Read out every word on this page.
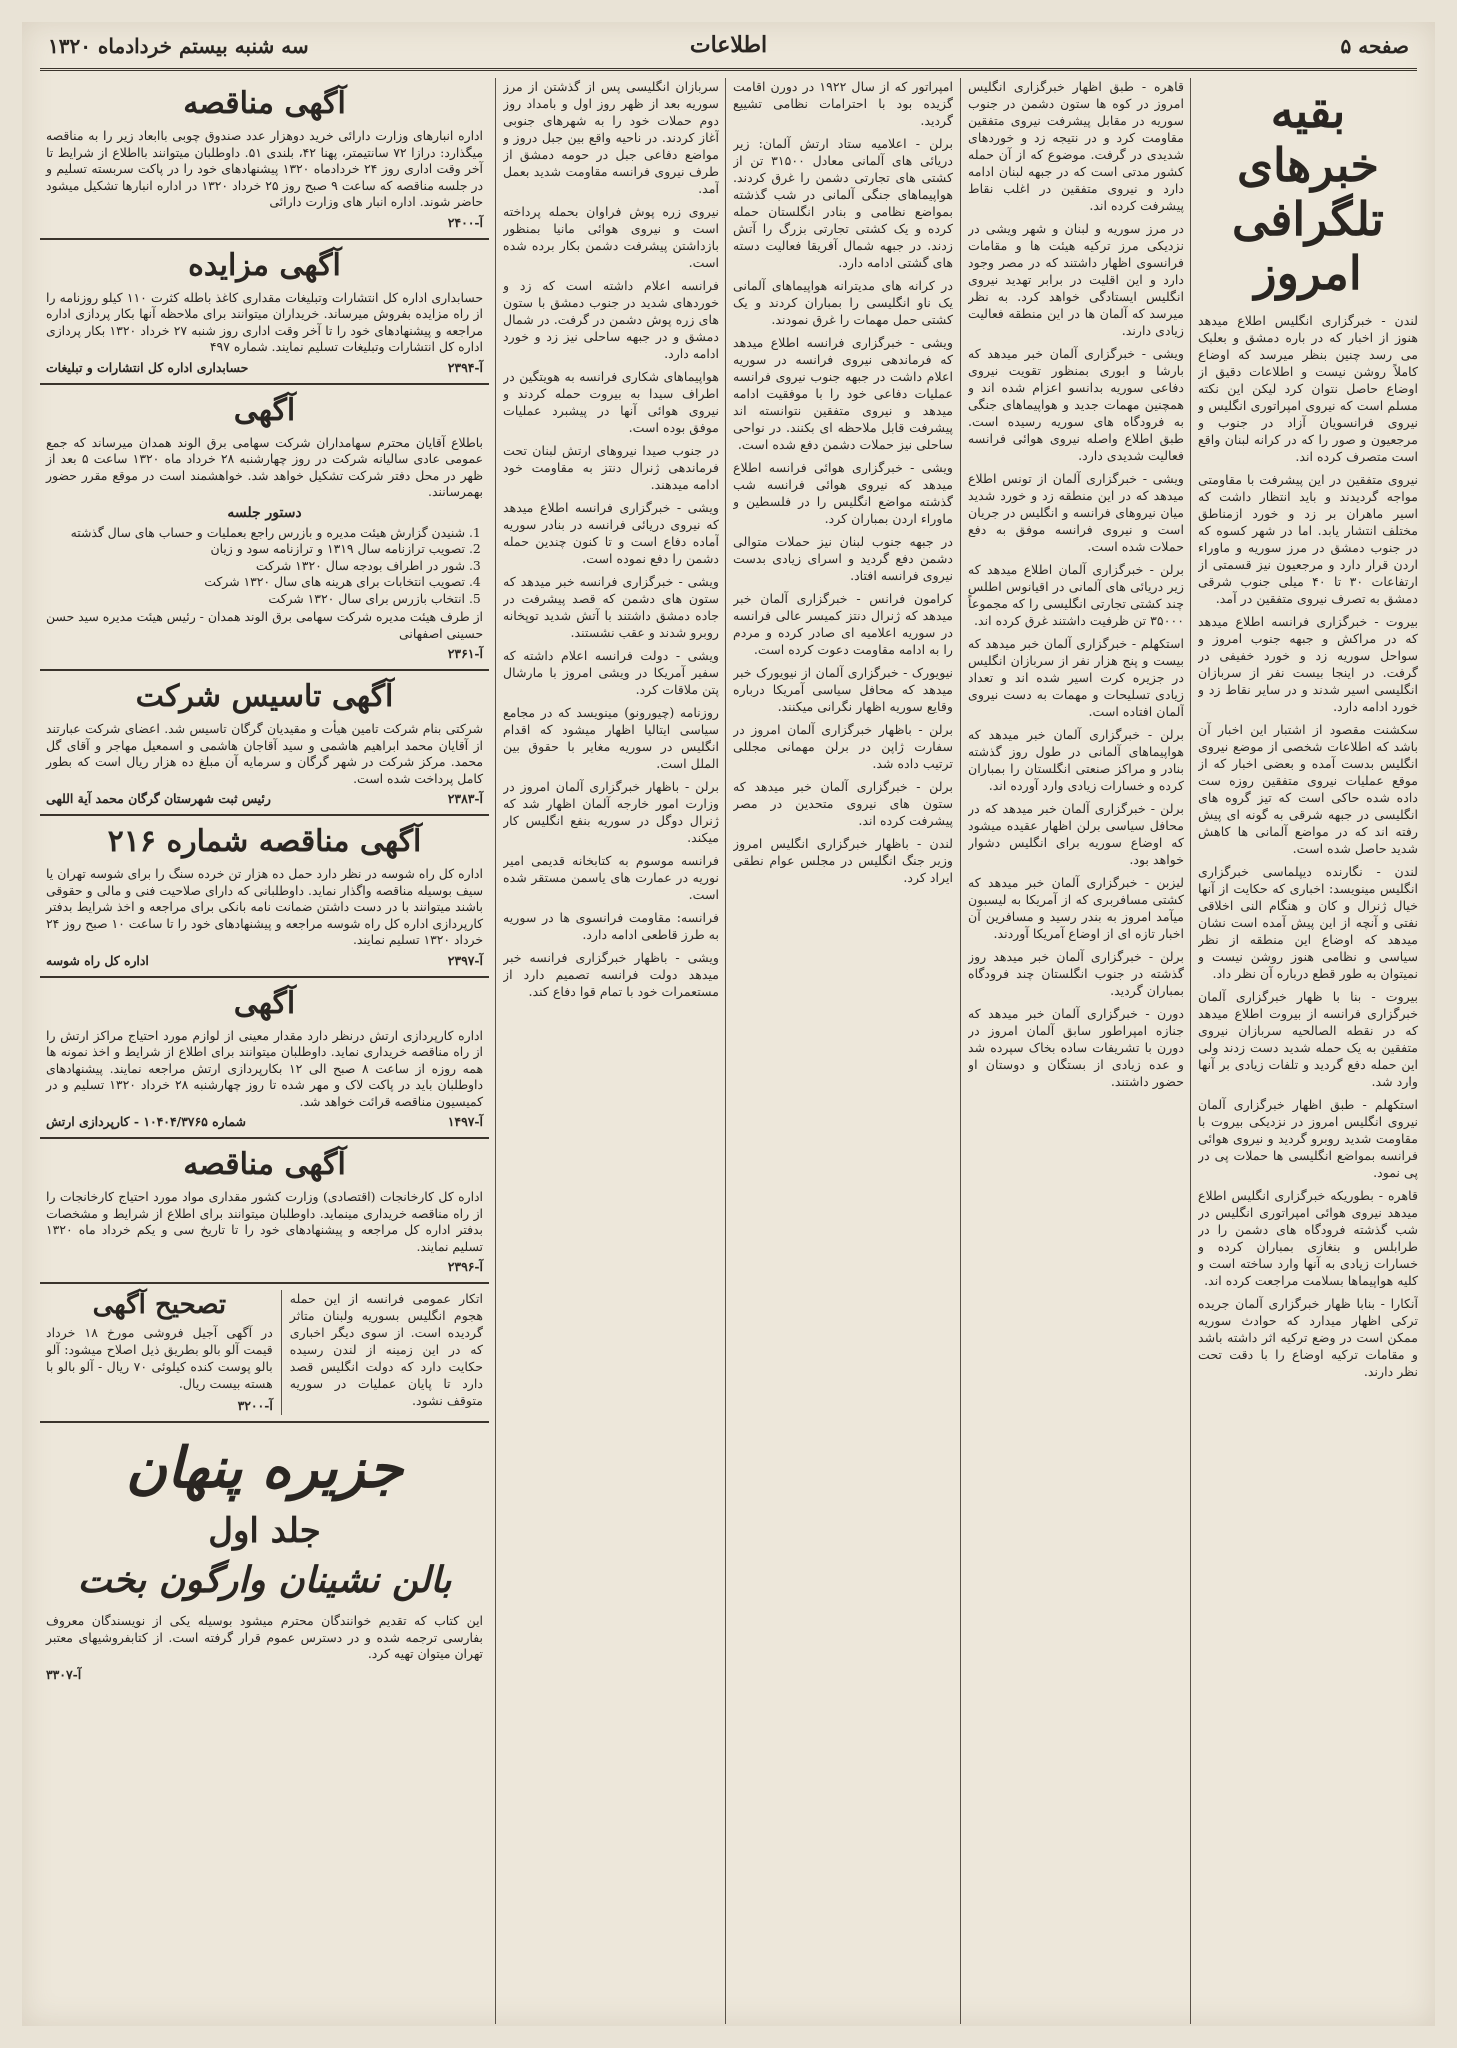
صفحه ۵
اطلاعات
سه شنبه بیستم خردادماه ۱۳۲۰
بقیه خبرهای تلگرافی امروز

لندن - خبرگزاری انگلیس اطلاع میدهد هنوز از اخبار که در باره دمشق و بعلبک می رسد چنین بنظر میرسد که اوضاع کاملاً روشن نیست و اطلاعات دقیق از اوضاع حاصل نتوان کرد لیکن این نکته مسلم است که نیروی امپراتوری انگلیس و نیروی فرانسویان آزاد در جنوب و مرجعیون و صور را که در کرانه لبنان واقع است متصرف کرده اند.

نیروی متفقین در این پیشرفت با مقاومتی مواجه گردیدند و باید انتظار داشت که اسیر ماهران بر زد و خورد ازمناطق مختلف انتشار یابد. اما در شهر کسوه که در جنوب دمشق در مرز سوریه و ماوراء اردن قرار دارد و مرجعیون نیز قسمتی از ارتفاعات ۳۰ تا ۴۰ میلی جنوب شرقی دمشق به تصرف نیروی متفقین در آمد.

بیروت - خبرگزاری فرانسه اطلاع میدهد که در مراکش و جبهه جنوب امروز و سواحل سوریه زد و خورد خفیفی در گرفت. در اینجا بیست نفر از سربازان انگلیسی اسیر شدند و در سایر نقاط زد و خورد ادامه دارد.

سکشنت مقصود از اشتبار این اخبار آن باشد که اطلاعات شخصی از موضع نیروی انگلیس بدست آمده و بعضی اخبار که از موقع عملیات نیروی متفقین روزه ست داده شده حاکی است که تیز گروه های انگلیسی در جبهه شرقی به گونه ای پیش رفته اند که در مواضع آلمانی ها کاهش شدید حاصل شده است.

لندن - نگارنده دیپلماسی خبرگزاری انگلیس مینویسد: اخباری که حکایت از آنها خیال ژنرال و کان و هنگام النی اخلاقی نفتی و آنچه از این پیش آمده است نشان میدهد که اوضاع این منطقه از نظر سیاسی و نظامی هنوز روشن نیست و نمیتوان به طور قطع درباره آن نظر داد.

بیروت - بنا با ظهار خبرگزاری آلمان خبرگزاری فرانسه از بیروت اطلاع میدهد که در نقطه الصالحیه سربازان نیروی متفقین به یک حمله شدید دست زدند ولی این حمله دفع گردید و تلفات زیادی بر آنها وارد شد.

استکهلم - طبق اظهار خبرگزاری آلمان نیروی انگلیس امروز در نزدیکی بیروت با مقاومت شدید روبرو گردید و نیروی هوائی فرانسه بمواضع انگلیسی ها حملات پی در پی نمود.

قاهره - بطوریکه خبرگزاری انگلیس اطلاع میدهد نیروی هوائی امپراتوری انگلیس در شب گذشته فرودگاه های دشمن را در طرابلس و بنغازی بمباران کرده و خسارات زیادی به آنها وارد ساخته است و کلیه هواپیماها بسلامت مراجعت کرده اند.

آنکارا - بنابا ظهار خبرگزاری آلمان جریده ترکی اظهار میدارد که حوادث سوریه ممکن است در وضع ترکیه اثر داشته باشد و مقامات ترکیه اوضاع را با دقت تحت نظر دارند.

قاهره - طبق اظهار خبرگزاری انگلیس امروز در کوه ها ستون دشمن در جنوب سوریه در مقابل پیشرفت نیروی متفقین مقاومت کرد و در نتیجه زد و خوردهای شدیدی در گرفت. موضوع که از آن حمله کشور مدتی است که در جبهه لبنان ادامه دارد و نیروی متفقین در اغلب نقاط پیشرفت کرده اند.

در مرز سوریه و لبنان و شهر ویشی در نزدیکی مرز ترکیه هیئت ها و مقامات فرانسوی اظهار داشتند که در مصر وجود دارد و این اقلیت در برابر تهدید نیروی انگلیس ایستادگی خواهد کرد. به نظر میرسد که آلمان ها در این منطقه فعالیت زیادی دارند.

ویشی - خبرگزاری آلمان خبر میدهد که بارشا و ابوری بمنظور تقویت نیروی دفاعی سوریه بدانسو اعزام شده اند و همچنین مهمات جدید و هواپیماهای جنگی به فرودگاه های سوریه رسیده است. طبق اطلاع واصله نیروی هوائی فرانسه فعالیت شدیدی دارد.

ویشی - خبرگزاری آلمان از تونس اطلاع میدهد که در این منطقه زد و خورد شدید میان نیروهای فرانسه و انگلیس در جریان است و نیروی فرانسه موفق به دفع حملات شده است.

برلن - خبرگزاری آلمان اطلاع میدهد که زیر دریائی های آلمانی در اقیانوس اطلس چند کشتی تجارتی انگلیسی را که مجموعاً ۳۵۰۰۰ تن ظرفیت داشتند غرق کرده اند.

استکهلم - خبرگزاری آلمان خبر میدهد که بیست و پنج هزار نفر از سربازان انگلیس در جزیره کرت اسیر شده اند و تعداد زیادی تسلیحات و مهمات به دست نیروی آلمان افتاده است.

برلن - خبرگزاری آلمان خبر میدهد که هواپیماهای آلمانی در طول روز گذشته بنادر و مراکز صنعتی انگلستان را بمباران کرده و خسارات زیادی وارد آورده اند.

برلن - خبرگزاری آلمان خبر میدهد که در محافل سیاسی برلن اظهار عقیده میشود که اوضاع سوریه برای انگلیس دشوار خواهد بود.

لیزبن - خبرگزاری آلمان خبر میدهد که کشتی مسافربری که از آمریکا به لیسبون میآمد امروز به بندر رسید و مسافرین آن اخبار تازه ای از اوضاع آمریکا آوردند.

برلن - خبرگزاری آلمان خبر میدهد روز گذشته در جنوب انگلستان چند فرودگاه بمباران گردید.

دورن - خبرگزاری آلمان خبر میدهد که جنازه امپراطور سابق آلمان امروز در دورن با تشریفات ساده بخاک سپرده شد و عده زیادی از بستگان و دوستان او حضور داشتند.

امپراتور که از سال ۱۹۲۲ در دورن اقامت گزیده بود با احترامات نظامی تشییع گردید.

برلن - اعلامیه ستاد ارتش آلمان: زیر دریائی های آلمانی معادل ۳۱۵۰۰ تن از کشتی های تجارتی دشمن را غرق کردند. هواپیماهای جنگی آلمانی در شب گذشته بمواضع نظامی و بنادر انگلستان حمله کرده و یک کشتی تجارتی بزرگ را آتش زدند. در جبهه شمال آفریقا فعالیت دسته های گشتی ادامه دارد.

در کرانه های مدیترانه هواپیماهای آلمانی یک ناو انگلیسی را بمباران کردند و یک کشتی حمل مهمات را غرق نمودند.

ویشی - خبرگزاری فرانسه اطلاع میدهد که فرماندهی نیروی فرانسه در سوریه اعلام داشت در جبهه جنوب نیروی فرانسه عملیات دفاعی خود را با موفقیت ادامه میدهد و نیروی متفقین نتوانسته اند پیشرفت قابل ملاحظه ای بکنند. در نواحی ساحلی نیز حملات دشمن دفع شده است.

ویشی - خبرگزاری هوائی فرانسه اطلاع میدهد که نیروی هوائی فرانسه شب گذشته مواضع انگلیس را در فلسطین و ماوراء اردن بمباران کرد.

در جبهه جنوب لبنان نیز حملات متوالی دشمن دفع گردید و اسرای زیادی بدست نیروی فرانسه افتاد.

کرامون فرانس - خبرگزاری آلمان خبر میدهد که ژنرال دنتز کمیسر عالی فرانسه در سوریه اعلامیه ای صادر کرده و مردم را به ادامه مقاومت دعوت کرده است.

نیویورک - خبرگزاری آلمان از نیویورک خبر میدهد که محافل سیاسی آمریکا درباره وقایع سوریه اظهار نگرانی میکنند.

برلن - باظهار خبرگزاری آلمان امروز در سفارت ژاپن در برلن مهمانی مجللی ترتیب داده شد.

برلن - خبرگزاری آلمان خبر میدهد که ستون های نیروی متحدین در مصر پیشرفت کرده اند.

لندن - باظهار خبرگزاری انگلیس امروز وزیر جنگ انگلیس در مجلس عوام نطقی ایراد کرد.

سربازان انگلیسی پس از گذشتن از مرز سوریه بعد از ظهر روز اول و بامداد روز دوم حملات خود را به شهرهای جنوبی آغاز کردند. در ناحیه واقع بین جبل دروز و مواضع دفاعی جبل در حومه دمشق از طرف نیروی فرانسه مقاومت شدید بعمل آمد.

نیروی زره پوش فراوان بحمله پرداخته است و نیروی هوائی مانیا بمنظور بازداشتن پیشرفت دشمن بکار برده شده است.

فرانسه اعلام داشته است که زد و خوردهای شدید در جنوب دمشق با ستون های زره پوش دشمن در گرفت. در شمال دمشق و در جبهه ساحلی نیز زد و خورد ادامه دارد.

هواپیماهای شکاری فرانسه به هویتگین در اطراف سیدا به بیروت حمله کردند و نیروی هوائی آنها در پیشبرد عملیات موفق بوده است.

در جنوب صیدا نیروهای ارتش لبنان تحت فرماندهی ژنرال دنتز به مقاومت خود ادامه میدهند.

ویشی - خبرگزاری فرانسه اطلاع میدهد که نیروی دریائی فرانسه در بنادر سوریه آماده دفاع است و تا کنون چندین حمله دشمن را دفع نموده است.

ویشی - خبرگزاری فرانسه خبر میدهد که ستون های دشمن که قصد پیشرفت در جاده دمشق داشتند با آتش شدید توپخانه روبرو شدند و عقب نشستند.

ویشی - دولت فرانسه اعلام داشته که سفیر آمریکا در ویشی امروز با مارشال پتن ملاقات کرد.

روزنامه (چیورونو) مینویسد که در مجامع سیاسی ایتالیا اظهار میشود که اقدام انگلیس در سوریه مغایر با حقوق بین الملل است.

برلن - باظهار خبرگزاری آلمان امروز در وزارت امور خارجه آلمان اظهار شد که ژنرال دوگل در سوریه بنفع انگلیس کار میکند.

فرانسه موسوم به کتابخانه قدیمی امیر نوریه در عمارت های یاسمن مستقر شده است.

فرانسه: مقاومت فرانسوی ها در سوریه به طرز قاطعی ادامه دارد.

ویشی - باظهار خبرگزاری فرانسه خبر میدهد دولت فرانسه تصمیم دارد از مستعمرات خود با تمام قوا دفاع کند.

آگهی مناقصه

اداره انبارهای وزارت دارائی خرید دوهزار عدد صندوق چوبی باابعاد زیر را به مناقصه میگذارد: درازا ۷۲ سانتیمتر، پهنا ۴۲، بلندی ۵۱. داوطلبان میتوانند بااطلاع از شرایط تا آخر وقت اداری روز ۲۴ خردادماه ۱۳۲۰ پیشنهادهای خود را در پاکت سربسته تسلیم و در جلسه مناقصه که ساعت ۹ صبح روز ۲۵ خرداد ۱۳۲۰ در اداره انبارها تشکیل میشود حاضر شوند. اداره انبار های وزارت دارائی

آ-۲۴۰۰
آگهی مزایده

حسابداری اداره کل انتشارات وتبلیغات مقداری کاغذ باطله کثرت ۱۱۰ کیلو روزنامه را از راه مزایده بفروش میرساند. خریداران میتوانند برای ملاحظه آنها بکار پردازی اداره مراجعه و پیشنهادهای خود را تا آخر وقت اداری روز شنبه ۲۷ خرداد ۱۳۲۰ بکار پردازی اداره کل انتشارات وتبلیغات تسلیم نمایند. شماره ۴۹۷

آ-۲۳۹۴
حسابداری اداره کل انتشارات و تبلیغات
آگهی

باطلاع آقایان محترم سهامداران شرکت سهامی برق الوند همدان میرساند که جمع عمومی عادی سالیانه شرکت در روز چهارشنبه ۲۸ خرداد ماه ۱۳۲۰ ساعت ۵ بعد از ظهر در محل دفتر شرکت تشکیل خواهد شد. خواهشمند است در موقع مقرر حضور بهمرسانند.

دستور جلسه
1. شنیدن گزارش هیئت مدیره و بازرس راجع بعملیات و حساب های سال گذشته
2. تصویب ترازنامه سال ۱۳۱۹ و ترازنامه سود و زیان
3. شور در اطراف بودجه سال ۱۳۲۰ شرکت
4. تصویب انتخابات برای هرینه های سال ۱۳۲۰ شرکت
5. انتخاب بازرس برای سال ۱۳۲۰ شرکت

از طرف هیئت مدیره شرکت سهامی برق الوند همدان - رئیس هیئت مدیره سید حسن حسینی اصفهانی

آ-۲۳۶۱
آگهی تاسیس شرکت

شرکتی بنام شرکت تامین هیأت و مقیدیان گرگان تاسیس شد. اعضای شرکت عبارتند از آقایان محمد ابراهیم هاشمی و سید آقاجان هاشمی و اسمعیل مهاجر و آقای گل محمد. مرکز شرکت در شهر گرگان و سرمایه آن مبلغ ده هزار ریال است که بطور کامل پرداخت شده است.

آ-۲۳۸۳
رئیس ثبت شهرستان گرگان محمد آیة اللهی
آگهی مناقصه شماره ۲۱۶

اداره کل راه شوسه در نظر دارد حمل ده هزار تن خرده سنگ را برای شوسه تهران یا سیف بوسیله مناقصه واگذار نماید. داوطلبانی که دارای صلاحیت فنی و مالی و حقوقی باشند میتوانند با در دست داشتن ضمانت نامه بانکی برای مراجعه و اخذ شرایط بدفتر کارپردازی اداره کل راه شوسه مراجعه و پیشنهادهای خود را تا ساعت ۱۰ صبح روز ۲۴ خرداد ۱۳۲۰ تسلیم نمایند.

آ-۲۳۹۷
اداره کل راه شوسه
آگهی

اداره کارپردازی ارتش درنظر دارد مقدار معینی از لوازم مورد احتیاج مراکز ارتش را از راه مناقصه خریداری نماید. داوطلبان میتوانند برای اطلاع از شرایط و اخذ نمونه ها همه روزه از ساعت ۸ صبح الی ۱۲ بکارپردازی ارتش مراجعه نمایند. پیشنهادهای داوطلبان باید در پاکت لاک و مهر شده تا روز چهارشنبه ۲۸ خرداد ۱۳۲۰ تسلیم و در کمیسیون مناقصه قرائت خواهد شد.

آ-۱۴۹۷
شماره ۱۰۴۰۴/۳۷۶۵ - کارپردازی ارتش
آگهی مناقصه

اداره کل کارخانجات (اقتصادی) وزارت کشور مقداری مواد مورد احتیاج کارخانجات را از راه مناقصه خریداری مینماید. داوطلبان میتوانند برای اطلاع از شرایط و مشخصات بدفتر اداره کل مراجعه و پیشنهادهای خود را تا تاریخ سی و یکم خرداد ماه ۱۳۲۰ تسلیم نمایند.

آ-۲۳۹۶

اتکار عمومی فرانسه از این حمله هجوم انگلیس بسوریه ولبنان متاثر گردیده است. از سوی دیگر اخباری که در این زمینه از لندن رسیده حکایت دارد که دولت انگلیس قصد دارد تا پایان عملیات در سوریه متوقف نشود.

تصحیح آگهی

در آگهی آجیل فروشی مورخ ۱۸ خرداد قیمت آلو بالو بطریق ذیل اصلاح میشود: آلو بالو پوست کنده کیلوئی ۷۰ ریال - آلو بالو با هسته بیست ریال.

آ-۳۲۰۰
جزیره پنهان
جلد اول
بالن نشینان وارگون بخت

این کتاب که تقدیم خوانندگان محترم میشود بوسیله یکی از نویسندگان معروف بفارسی ترجمه شده و در دسترس عموم قرار گرفته است. از کتابفروشیهای معتبر تهران میتوان تهیه کرد.

آ-۳۳۰۷
